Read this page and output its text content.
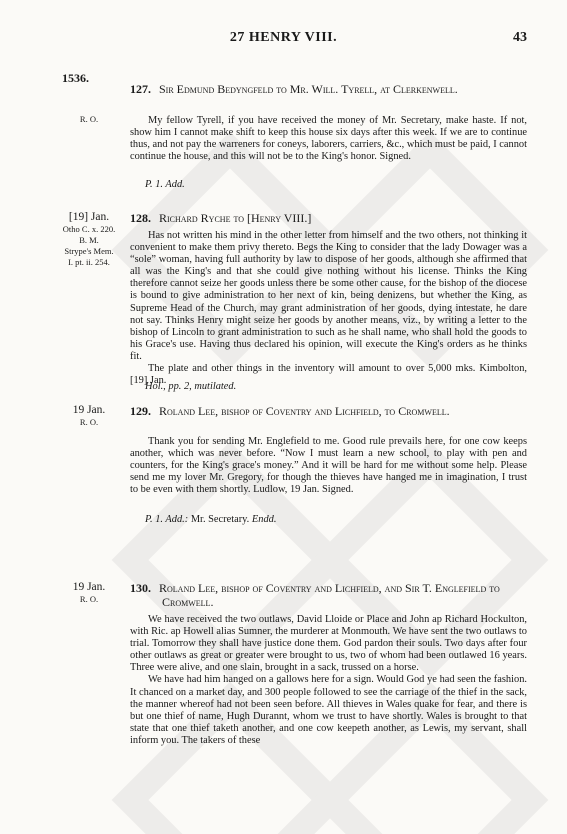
27 HENRY VIII.	43
1536.
R. O.
127. Sir Edmund Bedyngfeld to Mr. Will. Tyrell, at Clerkenwell.

My fellow Tyrell, if you have received the money of Mr. Secretary, make haste. If not, show him I cannot make shift to keep this house six days after this week. If we are to continue thus, and not pay the warreners for coneys, laborers, carriers, &c., which must be paid, I cannot continue the house, and this will not be to the King's honor. Signed.

P. 1. Add.
[19] Jan.
Otho C. x. 220.
B. M.
Strype's Mem.
I. pt. ii. 254.
128. Richard Ryche to [Henry VIII.]

Has not written his mind in the other letter from himself and the two others, not thinking it convenient to make them privy thereto. Begs the King to consider that the lady Dowager was a “sole” woman, having full authority by law to dispose of her goods, although she affirmed that all was the King's and that she could give nothing without his license. Thinks the King therefore cannot seize her goods unless there be some other cause, for the bishop of the diocese is bound to give administration to her next of kin, being denizens, but whether the King, as Supreme Head of the Church, may grant administration of her goods, dying intestate, he dare not say. Thinks Henry might seize her goods by another means, viz., by writing a letter to the bishop of Lincoln to grant administration to such as he shall name, who shall hold the goods to his Grace's use. Having thus declared his opinion, will execute the King's orders as he thinks fit.

The plate and other things in the inventory will amount to over 5,000 mks. Kimbolton, [19] Jan.

Hol., pp. 2, mutilated.
19 Jan.
R. O.
129. Roland Lee, bishop of Coventry and Lichfield, to Cromwell.

Thank you for sending Mr. Englefield to me. Good rule prevails here, for one cow keeps another, which was never before. “Now I must learn a new school, to play with pen and counters, for the King's grace's money.” And it will be hard for me without some help. Please send me my lover Mr. Gregory, for though the thieves have hanged me in imagination, I trust to be even with them shortly. Ludlow, 19 Jan. Signed.

P. 1. Add.: Mr. Secretary. Endd.
19 Jan.
R. O.
130. Roland Lee, bishop of Coventry and Lichfield, and Sir T. Englefield to Cromwell.

We have received the two outlaws, David Lloide or Place and John ap Richard Hockulton, with Ric. ap Howell alias Sumner, the murderer at Monmouth. We have sent the two outlaws to trial. Tomorrow they shall have justice done them. God pardon their souls. Two days after four other outlaws as great or greater were brought to us, two of whom had been outlawed 16 years. Three were alive, and one slain, brought in a sack, trussed on a horse.

We have had him hanged on a gallows here for a sign. Would God ye had seen the fashion. It chanced on a market day, and 300 people followed to see the carriage of the thief in the sack, the manner whereof had not been seen before. All thieves in Wales quake for fear, and there is but one thief of name, Hugh Durannt, whom we trust to have shortly. Wales is brought to that state that one thief taketh another, and one cow keepeth another, as Lewis, my servant, shall inform you. The takers of these
